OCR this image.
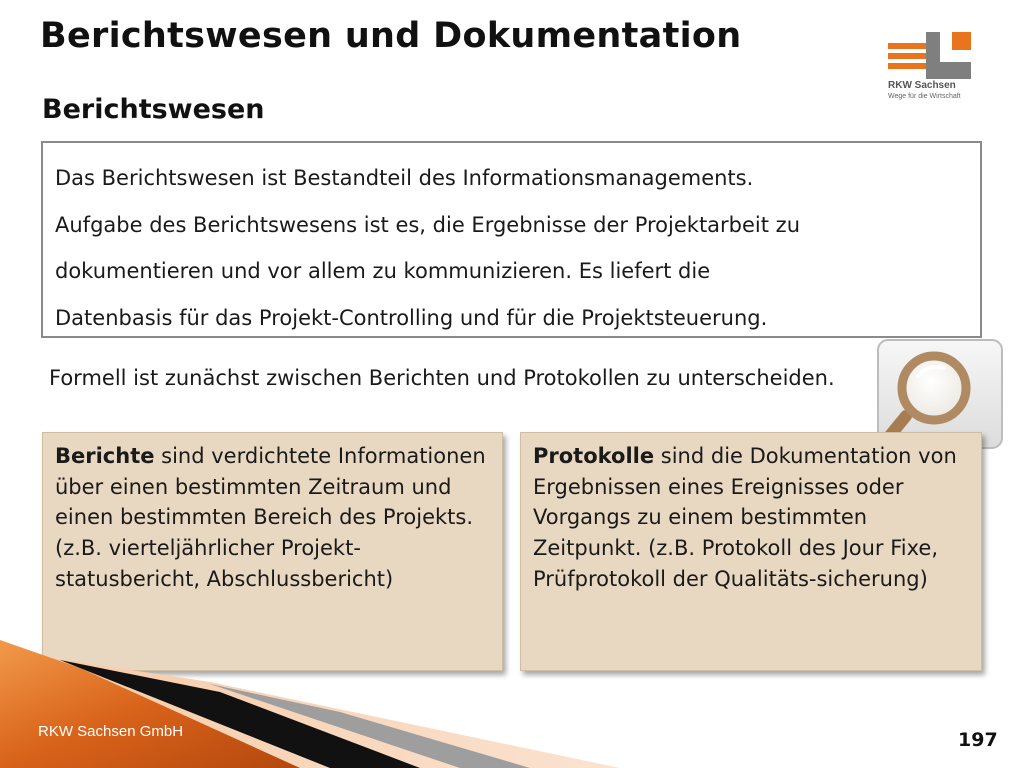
Berichtswesen und Dokumentation
Berichtswesen
RKW Sachsen
Wege für die Wirtschaft

Das Berichtswesen ist Bestandteil des Informationsmanagements.

Aufgabe des Berichtswesens ist es, die Ergebnisse der Projektarbeit zu

dokumentieren und vor allem zu kommunizieren. Es liefert die

Datenbasis für das Projekt-Controlling und für die Projektsteuerung.

Formell ist zunächst zwischen Berichten und Protokollen zu unterscheiden.
Berichte sind verdichtete Informationen über einen bestimmten Zeitraum und einen bestimmten Bereich des Projekts. (z.B. vierteljährlicher Projekt-statusbericht, Abschlussbericht)
Protokolle sind die Dokumentation von Ergebnissen eines Ereignisses oder Vorgangs zu einem bestimmten Zeitpunkt. (z.B. Protokoll des Jour Fixe, Prüfprotokoll der Qualitäts-sicherung)
RKW Sachsen GmbH	197
